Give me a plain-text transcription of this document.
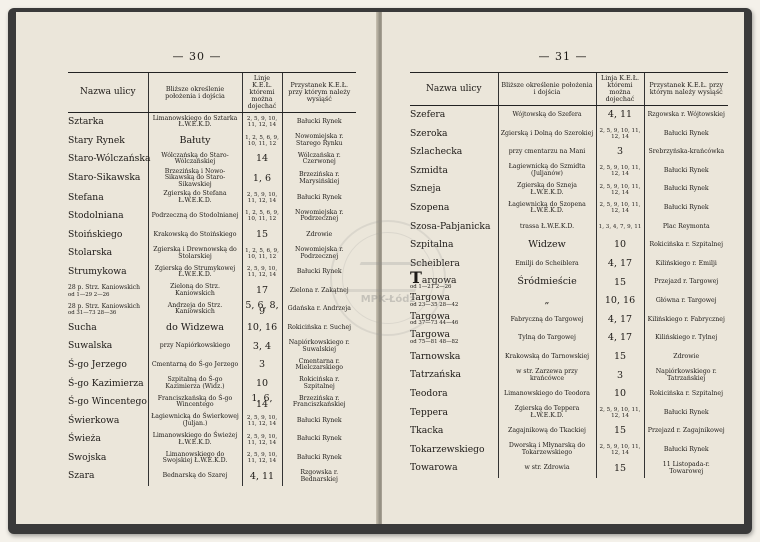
— 30 —
Nazwa ulicy	Bliższe określenie położenia i dojścia	Linje K.E.Ł. któremi można dojechać	Przystanek K.E.Ł. przy którym należy wysiąść
Sztarka	Limanowskiego do Sztarka Ł.W.E.K.D.	2, 5, 9, 10, 11, 12, 14	Bałucki Rynek
Stary Rynek	Bałuty	1, 2, 5, 6, 9, 10, 11, 12	Nowomiejska r. Starego Rynku
Staro-Wólczańska	Wólczańską do Staro-Wólczańskiej	14	Wólczańska r. Czerwonej
Staro-Sikawska	Brzezińską i Nowo-Sikawską do Staro-Sikawskiej	1, 6	Brzezińska r. Marysińskiej
Stefana	Zgierską do Stefana Ł.W.E.K.D.	2, 5, 9, 10, 11, 12, 14	Bałucki Rynek
Stodolniana	Podrzeczną do Stodolnianej	1, 2, 5, 6, 9, 10, 11, 12	Nowomiejska r. Podrzecznej
Stoińskiego	Krakowską do Stoińskiego	15	Zdrowie
Stolarska	Zgierską i Drewnowską do Stolarskiej	1, 2, 5, 6, 9, 10, 11, 12	Nowomiejska r. Podrzecznej
Strumykowa	Zgierską do Strumykowej Ł.W.E.K.D.	2, 5, 9, 10, 11, 12, 14	Bałucki Rynek
28 p. Strz. Kaniowskich
od 1—29 2—26	Zieloną do Strz. Kaniowskich	17	Zielona r. Zakątnej
28 p. Strz. Kaniowskich
od 31—73 28—36	Andrzeja do Strz. Kaniowskich	5, 6, 8, 9	Gdańska r. Andrzeja
Sucha	do Widzewa	10, 16	Rokicińska r. Suchej
Suwalska	przy Napiórkowskiego	3, 4	Napiórkowskiego r. Suwalskiej
Ś-go Jerzego	Cmentarną do Ś-go Jerzego	3	Cmentarna r. Mielczarskiego
Ś-go Kazimierza	Szpitalną do Ś-go Kazimierza (Widz.)	10	Rokicińska r. Szpitalnej
Ś-go Wincentego	Franciszkańską do Ś-go Wincentego	1, 6, 14	Brzezińska r. Franciszkańskiej
Świerkowa	Łagiewnicką do Świerkowej (Juljan.)	2, 5, 9, 10, 11, 12, 14	Bałucki Rynek
Świeża	Limanowskiego do Świeżej Ł.W.E.K.D.	2, 5, 9, 10, 11, 12, 14	Bałucki Rynek
Swojska	Limanowskiego do Swojskiej Ł.W.E.K.D.	2, 5, 9, 10, 11, 12, 14	Bałucki Rynek
Szara	Bednarską do Szarej	4, 11	Rzgowska r. Bednarskiej
— 31 —
Nazwa ulicy	Bliższe określenie położenia i dojścia	Linja K.E.Ł. któremi można dojechać	Przystanek K.E.Ł. przy którym należy wysiąść
Szefera	Wójtowską do Szefera	4, 11	Rzgowska r. Wójtowskiej
Szeroka	Zgierską i Dolną do Szerokiej	2, 5, 9, 10, 11, 12, 14	Bałucki Rynek
Szlachecka	przy cmentarzu na Mani	3	Srebrzyńska-krańcówka
Szmidta	Łagiewnicką do Szmidta (Juljanów)	2, 5, 9, 10, 11, 12, 14	Bałucki Rynek
Szneja	Zgierską do Szneja Ł.W.E.K.D.	2, 5, 9, 10, 11, 12, 14	Bałucki Rynek
Szopena	Łagiewnicką do Szopena Ł.W.E.K.D.	2, 5, 9, 10, 11, 12, 14	Bałucki Rynek
Szosa-Pabjanicka	trassa Ł.W.E.K.D.	1, 3, 4, 7, 9, 11	Plac Reymonta
Szpitalna	Widzew	10	Rokicińska r. Szpitalnej
Scheiblera	Emilji do Scheiblera	4, 17	Kilińskiego r. Emilji
Targowa
od 1—21 2—26	Śródmieście	15	Przejazd r. Targowej
Targowa
od 23—35 28—42	„	10, 16	Główna r. Targowej
Targowa
od 37—73 44—46	Fabryczną do Targowej	4, 17	Kilińskiego r. Fabrycznej
Targowa
od 75—81 48—82	Tylną do Targowej	4, 17	Kilińskiego r. Tylnej
Tarnowska	Krakowską do Tarnowskiej	15	Zdrowie
Tatrzańska	w str. Zarzewa przy krańcówce	3	Napiórkowskiego r. Tatrzańskiej
Teodora	Limanowskiego do Teodora	10	Rokicińska r. Szpitalnej
Teppera	Zgierską do Teppera Ł.W.E.K.D.	2, 5, 9, 10, 11, 12, 14	Bałucki Rynek
Tkacka	Zagajnikową do Tkackiej	15	Przejazd r. Zagajnikowej
Tokarzewskiego	Dworską i Młynarską do Tokarzewskiego	2, 5, 9, 10, 11, 12, 14	Bałucki Rynek
Towarowa	w str. Zdrowia	15	11 Listopada-r. Towarowej
MPK-Łódź
